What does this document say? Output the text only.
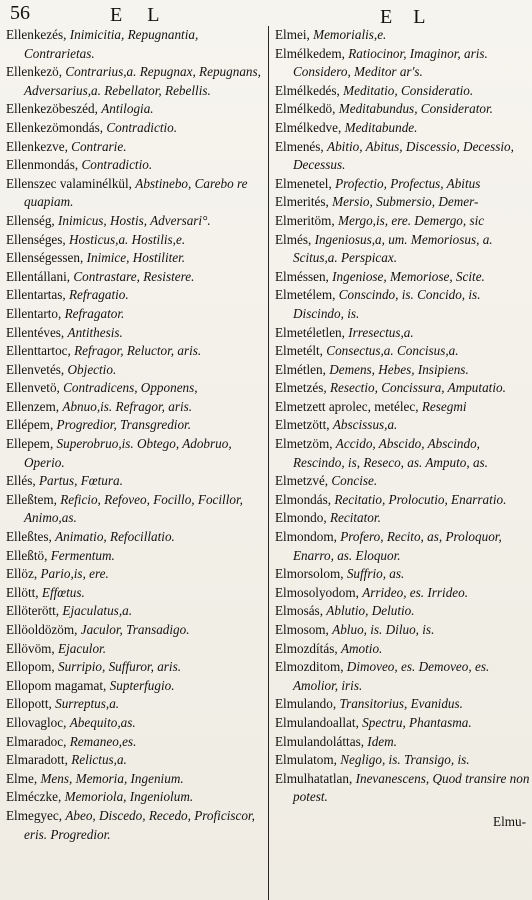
56	E L	E L
Ellenkezés, Inimicitia, Repugnantia, Contrarietas.
Ellenkezö, Contrarius,a. Repugnax, Repugnans, Adversarius,a. Rebellator, Rebellis.
Ellenkezöbeszéd, Antilogia.
Ellenkezömondás, Contradictio.
Ellenkezve, Contrarie.
Ellenmondás, Contradictio.
Ellenszec valaminélkül, Abstinebo, Carebo re quapiam.
Ellenség, Inimicus, Hostis, Adversari°.
Ellenséges, Hosticus,a. Hostilis,e.
Ellenségessen, Inimice, Hostiliter.
Ellentállani, Contrastare, Resistere.
Ellentartas, Refragatio.
Ellentarto, Refragator.
Ellentéves, Antithesis.
Ellenttartoc, Refragor, Reluctor, aris.
Ellenvetés, Objectio.
Ellenvetö, Contradicens, Opponens,
Ellenzem, Abnuo,is. Refragor, aris.
Ellépem, Progredior, Transgredior.
Ellepem, Superobruo,is. Obtego, Adobruo, Operio.
Ellés, Partus, Fœtura.
Elleßtem, Reficio, Refoveo, Focillo, Focillor, Animo,as.
Elleßtes, Animatio, Refocillatio.
Elleßtö, Fermentum.
Ellöz, Pario,is, ere.
Ellött, Effœtus.
Ellöterött, Ejaculatus,a.
Ellöoldözöm, Jaculor, Transadigo.
Ellövöm, Ejaculor.
Ellopom, Surripio, Suffuror, aris.
Ellopom magamat, Supterfugio.
Ellopott, Surreptus,a.
Ellovagloc, Abequito,as.
Elmaradoc, Remaneo,es.
Elmaradott, Relictus,a.
Elme, Mens, Memoria, Ingenium.
Elméczke, Memoriola, Ingeniolum.
Elmegyec, Abeo, Discedo, Recedo, Proficiscor, eris. Progredior.
Elmei, Memorialis,e.
Elmélkedem, Ratiocinor, Imaginor, aris. Considero, Meditor ar's.
Elmélkedés, Meditatio, Consideratio.
Elmélkedö, Meditabundus, Considerator.
Elmélkedve, Meditabunde.
Elmenés, Abitio, Abitus, Discessio, Decessio, Decessus.
Elmenetel, Profectio, Profectus, Abitus
Elmerités, Mersio, Submersio, Demer-
Elmeritöm, Mergo,is, ere. Demergo, sic
Elmés, Ingeniosus,a, um. Memoriosus, a. Scitus,a. Perspicax.
Elméssen, Ingeniose, Memoriose, Scite.
Elmetélem, Conscindo, is. Concido, is. Discindo, is.
Elmetéletlen, Irresectus,a.
Elmetélt, Consectus,a. Concisus,a.
Elmétlen, Demens, Hebes, Insipiens.
Elmetzés, Resectio, Concissura, Amputatio.
Elmetzett aprolec, metélec, Resegmi
Elmetzött, Abscissus,a.
Elmetzöm, Accido, Abscido, Abscindo, Rescindo, is, Reseco, as. Amputo, as.
Elmetzvé, Concise.
Elmondás, Recitatio, Prolocutio, Enarratio.
Elmondo, Recitator.
Elmondom, Profero, Recito, as, Proloquor, Enarro, as. Eloquor.
Elmorsolom, Suffrio, as.
Elmosolyodom, Arrideo, es. Irrideo.
Elmosás, Ablutio, Delutio.
Elmosom, Abluo, is. Diluo, is.
Elmozdítás, Amotio.
Elmozditom, Dimoveo, es. Demoveo, es. Amolior, iris.
Elmulando, Transitorius, Evanidus.
Elmulandoallat, Spectru, Phantasma.
Elmulandoláttas, Idem.
Elmulatom, Negligo, is. Transigo, is.
Elmulhatatlan, Inevanescens, Quod transire non potest.
Elmu-
